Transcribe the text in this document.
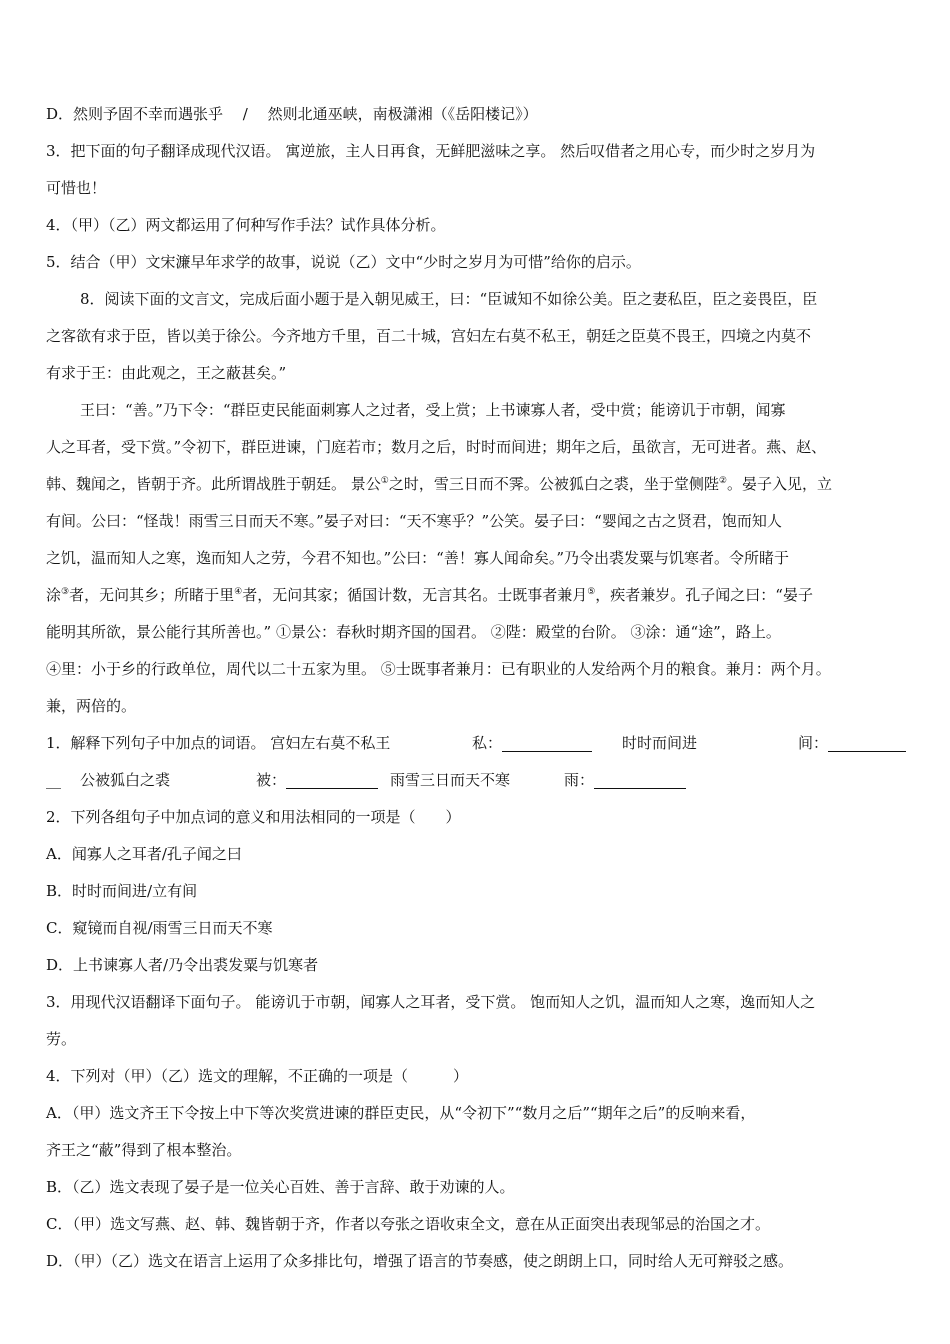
D．然则予固不幸而遇张乎　 /　 然则北通巫峡，南极潇湘（《岳阳楼记》）
3．把下面的句子翻译成现代汉语。 寓逆旅，主人日再食，无鲜肥滋味之享。 然后叹借者之用心专，而少时之岁月为
可惜也！
4．（甲）（乙）两文都运用了何种写作手法？试作具体分析。
5．结合（甲）文宋濂早年求学的故事，说说（乙）文中“少时之岁月为可惜”给你的启示。
8．阅读下面的文言文，完成后面小题于是入朝见威王，曰：“臣诚知不如徐公美。臣之妻私臣，臣之妾畏臣，臣
之客欲有求于臣，皆以美于徐公。今齐地方千里，百二十城，宫妇左右莫不私王，朝廷之臣莫不畏王，四境之内莫不
有求于王：由此观之，王之蔽甚矣。”
王曰：“善。”乃下令：“群臣吏民能面刺寡人之过者，受上赏；上书谏寡人者，受中赏；能谤讥于市朝，闻寡
人之耳者，受下赏。”令初下，群臣进谏，门庭若市；数月之后，时时而间进；期年之后，虽欲言，无可进者。燕、赵、
韩、魏闻之，皆朝于齐。此所谓战胜于朝廷。 景公①之时，雪三日而不霁。公被狐白之裘，坐于堂侧陛②。晏子入见，立
有间。公曰：“怪哉！雨雪三日而天不寒。”晏子对曰：“天不寒乎？”公笑。晏子曰：“婴闻之古之贤君，饱而知人
之饥，温而知人之寒，逸而知人之劳，今君不知也。”公曰：“善！寡人闻命矣。”乃令出裘发粟与饥寒者。令所睹于
涂③者，无问其乡；所睹于里④者，无问其家；循国计数，无言其名。士既事者兼月⑤，疾者兼岁。孔子闻之曰：“晏子
能明其所欲，景公能行其所善也。” ①景公：春秋时期齐国的国君。 ②陛：殿堂的台阶。 ③涂：通“途”，路上。
④里：小于乡的行政单位，周代以二十五家为里。 ⑤士既事者兼月：已有职业的人发给两个月的粮食。兼月：两个月。
兼，两倍的。
1．解释下列句子中加点的词语。 宫妇左右莫不私王	私：	时时而间进	间：
__ 公被狐白之裘	被：	雨雪三日而天不寒	雨：
2．下列各组句子中加点词的意义和用法相同的一项是（　　）
A．闻寡人之耳者/孔子闻之曰
B．时时而间进/立有间
C．窥镜而自视/雨雪三日而天不寒
D．上书谏寡人者/乃令出裘发粟与饥寒者
3．用现代汉语翻译下面句子。 能谤讥于市朝，闻寡人之耳者，受下赏。 饱而知人之饥，温而知人之寒，逸而知人之
劳。
4．下列对（甲）（乙）选文的理解，不正确的一项是（　　　）
A．（甲）选文齐王下令按上中下等次奖赏进谏的群臣吏民，从“令初下”“数月之后”“期年之后”的反响来看，
齐王之“蔽”得到了根本整治。
B．（乙）选文表现了晏子是一位关心百姓、善于言辞、敢于劝谏的人。
C．（甲）选文写燕、赵、韩、魏皆朝于齐，作者以夸张之语收束全文，意在从正面突出表现邹忌的治国之才。
D．（甲）（乙）选文在语言上运用了众多排比句，增强了语言的节奏感，使之朗朗上口，同时给人无可辩驳之感。
